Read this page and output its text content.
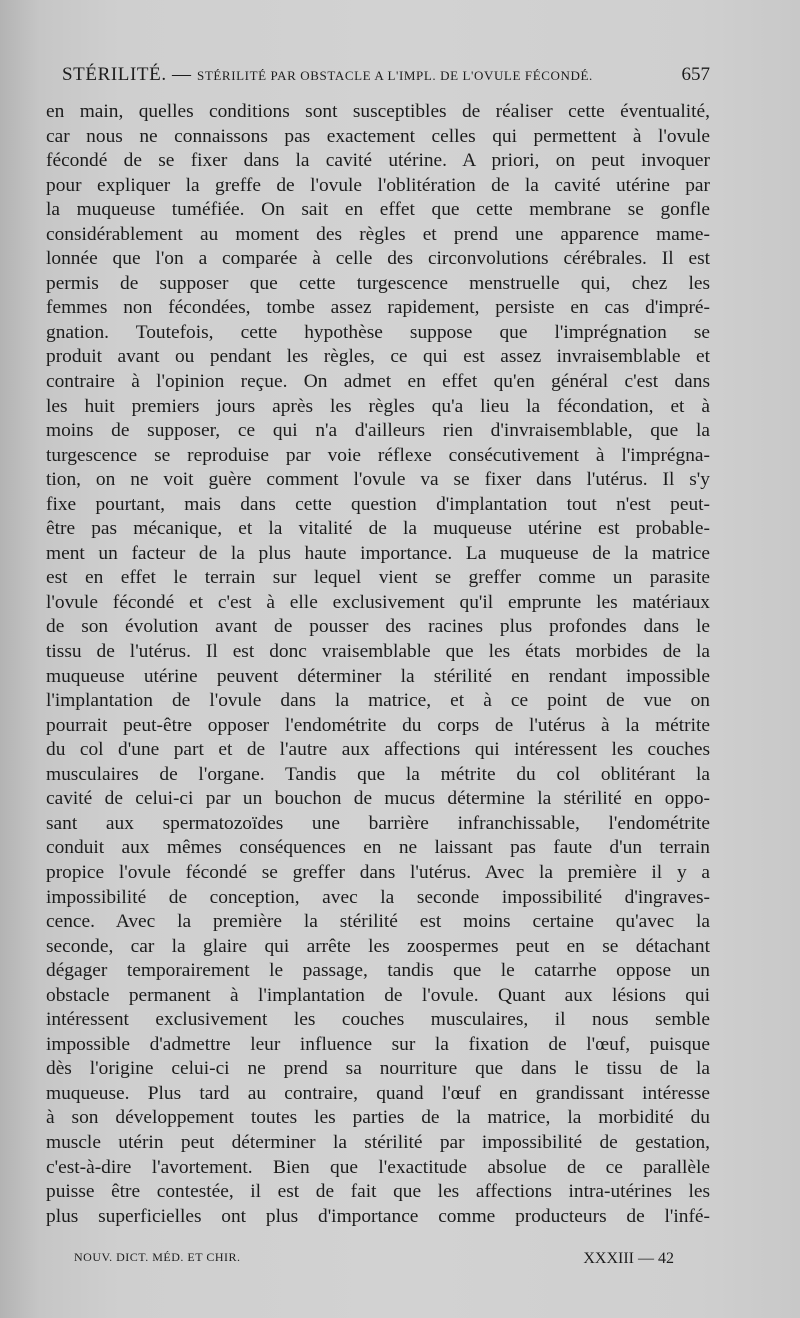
STÉRILITÉ. — STÉRILITÉ PAR OBSTACLE A L'IMPL. DE L'OVULE FÉCONDÉ.	657
en main, quelles conditions sont susceptibles de réaliser cette éventualité,
car nous ne connaissons pas exactement celles qui permettent à l'ovule
fécondé de se fixer dans la cavité utérine. A priori, on peut invoquer
pour expliquer la greffe de l'ovule l'oblitération de la cavité utérine par
la muqueuse tuméfiée. On sait en effet que cette membrane se gonfle
considérablement au moment des règles et prend une apparence mame-
lonnée que l'on a comparée à celle des circonvolutions cérébrales. Il est
permis de supposer que cette turgescence menstruelle qui, chez les
femmes non fécondées, tombe assez rapidement, persiste en cas d'impré-
gnation. Toutefois, cette hypothèse suppose que l'imprégnation se
produit avant ou pendant les règles, ce qui est assez invraisemblable et
contraire à l'opinion reçue. On admet en effet qu'en général c'est dans
les huit premiers jours après les règles qu'a lieu la fécondation, et à
moins de supposer, ce qui n'a d'ailleurs rien d'invraisemblable, que la
turgescence se reproduise par voie réflexe consécutivement à l'imprégna-
tion, on ne voit guère comment l'ovule va se fixer dans l'utérus. Il s'y
fixe pourtant, mais dans cette question d'implantation tout n'est peut-
être pas mécanique, et la vitalité de la muqueuse utérine est probable-
ment un facteur de la plus haute importance. La muqueuse de la matrice
est en effet le terrain sur lequel vient se greffer comme un parasite
l'ovule fécondé et c'est à elle exclusivement qu'il emprunte les matériaux
de son évolution avant de pousser des racines plus profondes dans le
tissu de l'utérus. Il est donc vraisemblable que les états morbides de la
muqueuse utérine peuvent déterminer la stérilité en rendant impossible
l'implantation de l'ovule dans la matrice, et à ce point de vue on
pourrait peut-être opposer l'endométrite du corps de l'utérus à la métrite
du col d'une part et de l'autre aux affections qui intéressent les couches
musculaires de l'organe. Tandis que la métrite du col oblitérant la
cavité de celui-ci par un bouchon de mucus détermine la stérilité en oppo-
sant aux spermatozoïdes une barrière infranchissable, l'endométrite
conduit aux mêmes conséquences en ne laissant pas faute d'un terrain
propice l'ovule fécondé se greffer dans l'utérus. Avec la première il y a
impossibilité de conception, avec la seconde impossibilité d'ingraves-
cence. Avec la première la stérilité est moins certaine qu'avec la
seconde, car la glaire qui arrête les zoospermes peut en se détachant
dégager temporairement le passage, tandis que le catarrhe oppose un
obstacle permanent à l'implantation de l'ovule. Quant aux lésions qui
intéressent exclusivement les couches musculaires, il nous semble
impossible d'admettre leur influence sur la fixation de l'œuf, puisque
dès l'origine celui-ci ne prend sa nourriture que dans le tissu de la
muqueuse. Plus tard au contraire, quand l'œuf en grandissant intéresse
à son développement toutes les parties de la matrice, la morbidité du
muscle utérin peut déterminer la stérilité par impossibilité de gestation,
c'est-à-dire l'avortement. Bien que l'exactitude absolue de ce parallèle
puisse être contestée, il est de fait que les affections intra-utérines les
plus superficielles ont plus d'importance comme producteurs de l'infé-
NOUV. DICT. MÉD. ET CHIR.	XXXIII — 42
